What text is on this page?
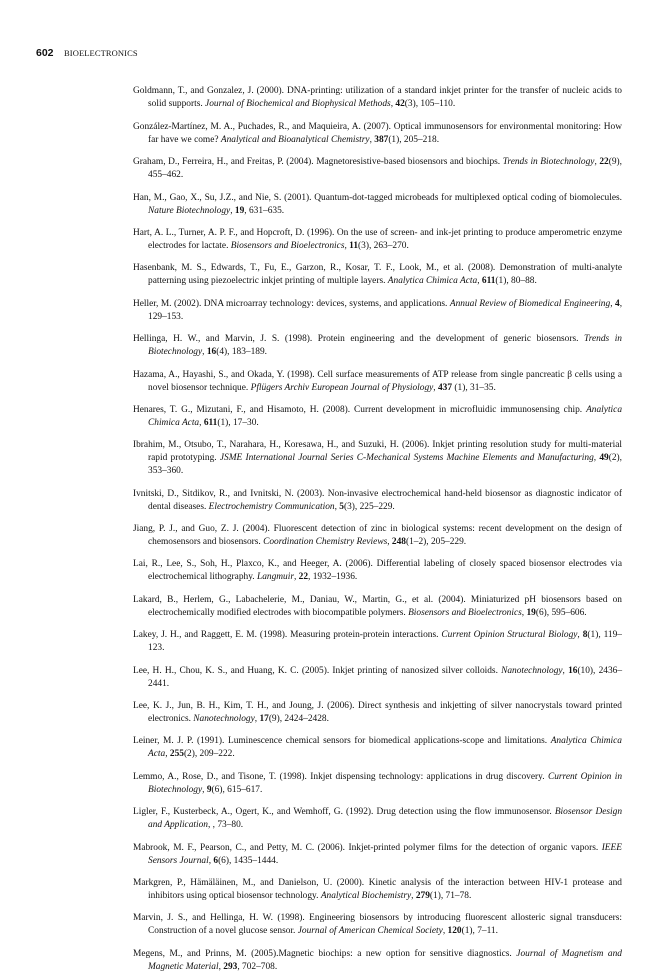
602 BIOELECTRONICS

Goldmann, T., and Gonzalez, J. (2000). DNA-printing: utilization of a standard inkjet printer for the transfer of nucleic acids to solid supports. Journal of Biochemical and Biophysical Methods, 42(3), 105–110.

González-Martínez, M. A., Puchades, R., and Maquieira, A. (2007). Optical immunosensors for environmental monitoring: How far have we come? Analytical and Bioanalytical Chemistry, 387(1), 205–218.

Graham, D., Ferreira, H., and Freitas, P. (2004). Magnetoresistive-based biosensors and biochips. Trends in Biotechnology, 22(9), 455–462.

Han, M., Gao, X., Su, J.Z., and Nie, S. (2001). Quantum-dot-tagged microbeads for multiplexed optical coding of biomolecules. Nature Biotechnology, 19, 631–635.

Hart, A. L., Turner, A. P. F., and Hopcroft, D. (1996). On the use of screen- and ink-jet printing to produce amperometric enzyme electrodes for lactate. Biosensors and Bioelectronics, 11(3), 263–270.

Hasenbank, M. S., Edwards, T., Fu, E., Garzon, R., Kosar, T. F., Look, M., et al. (2008). Demonstration of multi-analyte patterning using piezoelectric inkjet printing of multiple layers. Analytica Chimica Acta, 611(1), 80–88.

Heller, M. (2002). DNA microarray technology: devices, systems, and applications. Annual Review of Biomedical Engineering, 4, 129–153.

Hellinga, H. W., and Marvin, J. S. (1998). Protein engineering and the development of generic biosensors. Trends in Biotechnology, 16(4), 183–189.

Hazama, A., Hayashi, S., and Okada, Y. (1998). Cell surface measurements of ATP release from single pancreatic β cells using a novel biosensor technique. Pflügers Archiv European Journal of Physiology, 437 (1), 31–35.

Henares, T. G., Mizutani, F., and Hisamoto, H. (2008). Current development in microfluidic immunosensing chip. Analytica Chimica Acta, 611(1), 17–30.

Ibrahim, M., Otsubo, T., Narahara, H., Koresawa, H., and Suzuki, H. (2006). Inkjet printing resolution study for multi-material rapid prototyping. JSME International Journal Series C-Mechanical Systems Machine Elements and Manufacturing, 49(2), 353–360.

Ivnitski, D., Sitdikov, R., and Ivnitski, N. (2003). Non-invasive electrochemical hand-held biosensor as diagnostic indicator of dental diseases. Electrochemistry Communication, 5(3), 225–229.

Jiang, P. J., and Guo, Z. J. (2004). Fluorescent detection of zinc in biological systems: recent development on the design of chemosensors and biosensors. Coordination Chemistry Reviews, 248(1–2), 205–229.

Lai, R., Lee, S., Soh, H., Plaxco, K., and Heeger, A. (2006). Differential labeling of closely spaced biosensor electrodes via electrochemical lithography. Langmuir, 22, 1932–1936.

Lakard, B., Herlem, G., Labachelerie, M., Daniau, W., Martin, G., et al. (2004). Miniaturized pH biosensors based on electrochemically modified electrodes with biocompatible polymers. Biosensors and Bioelectronics, 19(6), 595–606.

Lakey, J. H., and Raggett, E. M. (1998). Measuring protein-protein interactions. Current Opinion Structural Biology, 8(1), 119–123.

Lee, H. H., Chou, K. S., and Huang, K. C. (2005). Inkjet printing of nanosized silver colloids. Nanotechnology, 16(10), 2436–2441.

Lee, K. J., Jun, B. H., Kim, T. H., and Joung, J. (2006). Direct synthesis and inkjetting of silver nanocrystals toward printed electronics. Nanotechnology, 17(9), 2424–2428.

Leiner, M. J. P. (1991). Luminescence chemical sensors for biomedical applications-scope and limitations. Analytica Chimica Acta, 255(2), 209–222.

Lemmo, A., Rose, D., and Tisone, T. (1998). Inkjet dispensing technology: applications in drug discovery. Current Opinion in Biotechnology, 9(6), 615–617.

Ligler, F., Kusterbeck, A., Ogert, K., and Wemhoff, G. (1992). Drug detection using the flow immunosensor. Biosensor Design and Application, , 73–80.

Mabrook, M. F., Pearson, C., and Petty, M. C. (2006). Inkjet-printed polymer films for the detection of organic vapors. IEEE Sensors Journal, 6(6), 1435–1444.

Markgren, P., Hämäläinen, M., and Danielson, U. (2000). Kinetic analysis of the interaction between HIV-1 protease and inhibitors using optical biosensor technology. Analytical Biochemistry, 279(1), 71–78.

Marvin, J. S., and Hellinga, H. W. (1998). Engineering biosensors by introducing fluorescent allosteric signal transducers: Construction of a novel glucose sensor. Journal of American Chemical Society, 120(1), 7–11.

Megens, M., and Prinns, M. (2005).Magnetic biochips: a new option for sensitive diagnostics. Journal of Magnetism and Magnetic Material, 293, 702–708.
